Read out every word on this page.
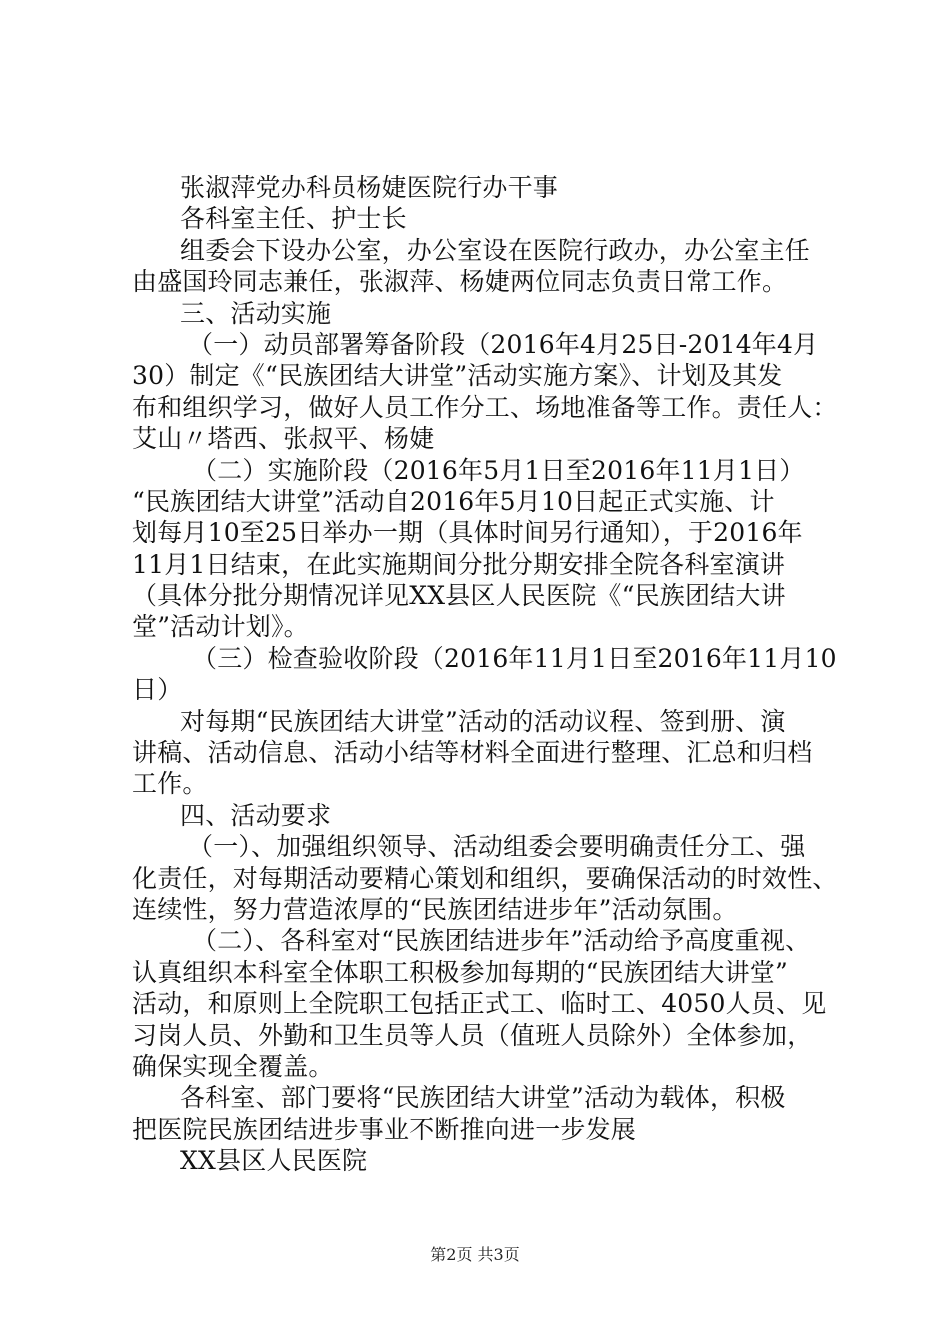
张淑萍党办科员杨婕医院行办干事
各科室主任、护士长
组委会下设办公室，办公室设在医院行政办，办公室主任
由盛国玲同志兼任，张淑萍、杨婕两位同志负责日常工作。
三、活动实施
（一）动员部署筹备阶段（2016年4月25日-2014年4月
30）制定《“民族团结大讲堂”活动实施方案》、计划及其发
布和组织学习，做好人员工作分工、场地准备等工作。责任人：
艾山〃塔西、张叔平、杨婕
（二）实施阶段（2016年5月1日至2016年11月1日）
“民族团结大讲堂”活动自2016年5月10日起正式实施、计
划每月10至25日举办一期（具体时间另行通知），于2016年
11月1日结束，在此实施期间分批分期安排全院各科室演讲
（具体分批分期情况详见XX县区人民医院《“民族团结大讲
堂”活动计划》。
（三）检查验收阶段（2016年11月1日至2016年11月10
日）
对每期“民族团结大讲堂”活动的活动议程、签到册、演
讲稿、活动信息、活动小结等材料全面进行整理、汇总和归档
工作。
四、活动要求
（一）、加强组织领导、活动组委会要明确责任分工、强
化责任，对每期活动要精心策划和组织，要确保活动的时效性、
连续性，努力营造浓厚的“民族团结进步年”活动氛围。
（二）、各科室对“民族团结进步年”活动给予高度重视、
认真组织本科室全体职工积极参加每期的“民族团结大讲堂”
活动，和原则上全院职工包括正式工、临时工、4050人员、见
习岗人员、外勤和卫生员等人员（值班人员除外）全体参加，
确保实现全覆盖。
各科室、部门要将“民族团结大讲堂”活动为载体，积极
把医院民族团结进步事业不断推向进一步发展
XX县区人民医院
第2页 共3页
